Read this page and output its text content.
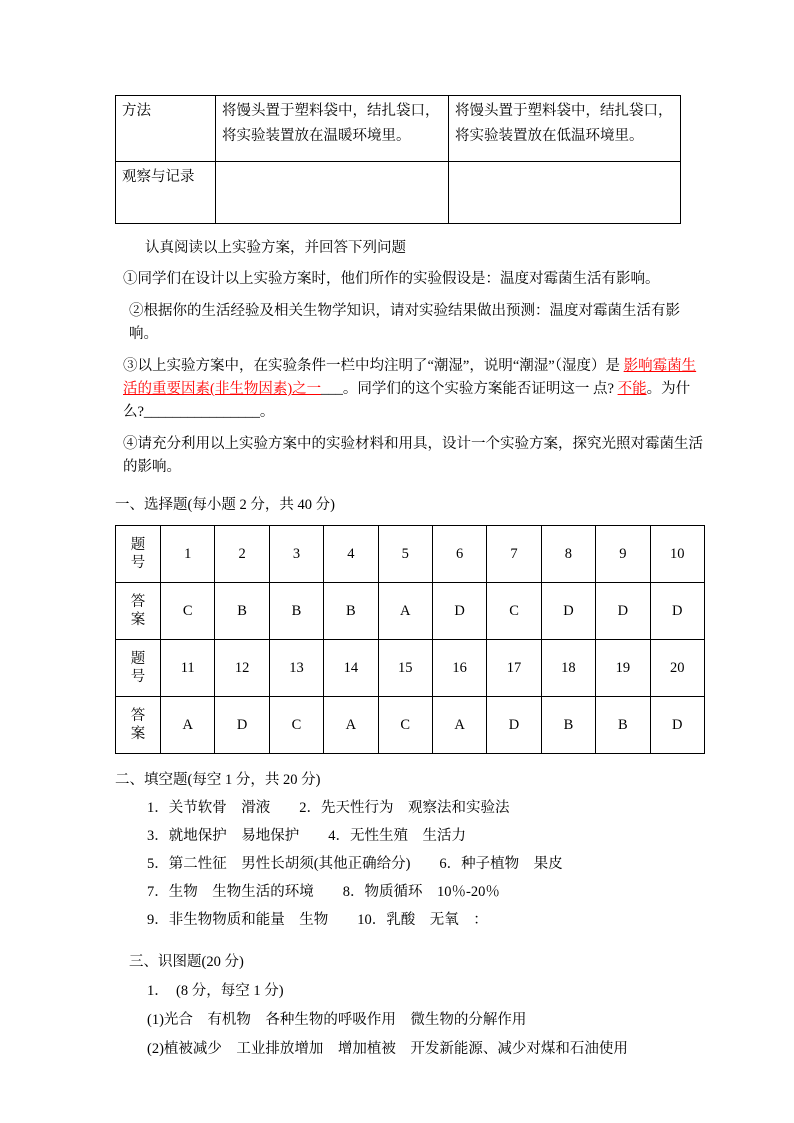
方法	将馒头置于塑料袋中，结扎袋口，将实验装置放在温暖环境里。	将馒头置于塑料袋中，结扎袋口，将实验装置放在低温环境里。
观察与记录		

认真阅读以上实验方案，并回答下列问题

①同学们在设计以上实验方案时，他们所作的实验假设是：温度对霉菌生活有影响。

②根据你的生活经验及相关生物学知识，请对实验结果做出预测：温度对霉菌生活有影响。

③以上实验方案中，在实验条件一栏中均注明了“潮湿”，说明“潮湿”（湿度）是 影响霉菌生活的重要因素(非生物因素)之一___。同学们的这个实验方案能否证明这一 点? 不能。为什么?________________。

④请充分利用以上实验方案中的实验材料和用具，设计一个实验方案，探究光照对霉菌生活的影响。

一、选择题(每小题 2 分，共 40 分)

题号	1	2	3	4	5	6	7	8	9	10
答案	C	B	B	B	A	D	C	D	D	D
题号	11	12	13	14	15	16	17	18	19	20
答案	A	D	C	A	C	A	D	B	B	D

二、填空题(每空 1 分，共 20 分)

1．关节软骨　滑液　　2．先天性行为　观察法和实验法

3．就地保护　易地保护　　4．无性生殖　生活力

5．第二性征　男性长胡须(其他正确给分)　　6．种子植物　果皮

7．生物　生物生活的环境　　8．物质循环　10％-20％

9．非生物物质和能量　生物　　10．乳酸　无氧　：

三、识图题(20 分)

1．　(8 分，每空 1 分)

(1)光合　有机物　各种生物的呼吸作用　微生物的分解作用

(2)植被减少　工业排放增加　增加植被　开发新能源、减少对煤和石油使用
